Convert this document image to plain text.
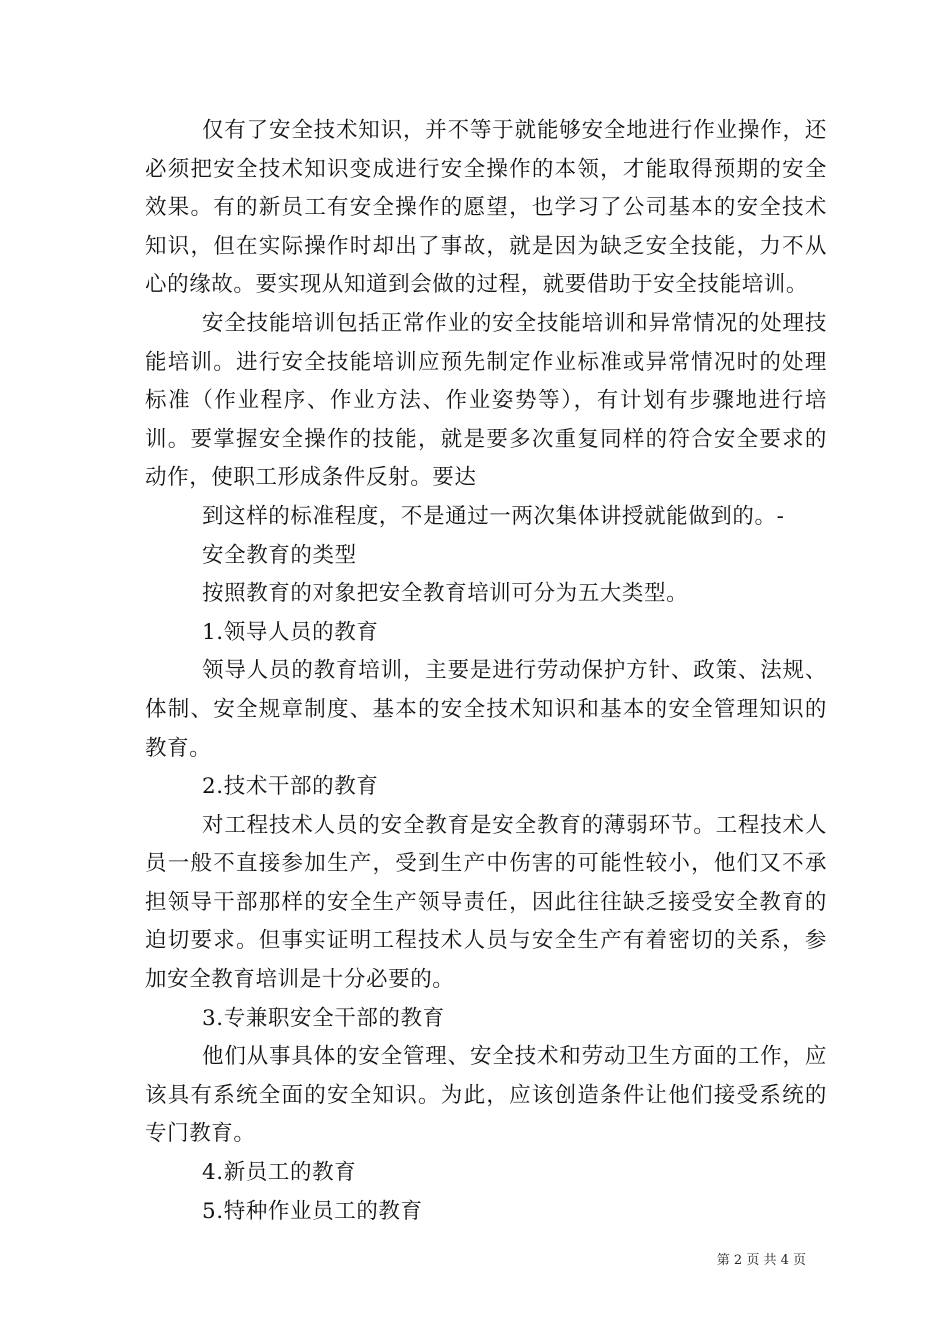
仅有了安全技术知识，并不等于就能够安全地进行作业操作，还必须把安全技术知识变成进行安全操作的本领，才能取得预期的安全效果。有的新员工有安全操作的愿望，也学习了公司基本的安全技术知识，但在实际操作时却出了事故，就是因为缺乏安全技能，力不从心的缘故。要实现从知道到会做的过程，就要借助于安全技能培训。

安全技能培训包括正常作业的安全技能培训和异常情况的处理技能培训。进行安全技能培训应预先制定作业标准或异常情况时的处理标准（作业程序、作业方法、作业姿势等），有计划有步骤地进行培训。要掌握安全操作的技能，就是要多次重复同样的符合安全要求的动作，使职工形成条件反射。要达

到这样的标准程度，不是通过一两次集体讲授就能做到的。-

安全教育的类型

按照教育的对象把安全教育培训可分为五大类型。

1.领导人员的教育

领导人员的教育培训，主要是进行劳动保护方针、政策、法规、体制、安全规章制度、基本的安全技术知识和基本的安全管理知识的教育。

2.技术干部的教育

对工程技术人员的安全教育是安全教育的薄弱环节。工程技术人员一般不直接参加生产，受到生产中伤害的可能性较小，他们又不承担领导干部那样的安全生产领导责任，因此往往缺乏接受安全教育的迫切要求。但事实证明工程技术人员与安全生产有着密切的关系，参加安全教育培训是十分必要的。

3.专兼职安全干部的教育

他们从事具体的安全管理、安全技术和劳动卫生方面的工作，应该具有系统全面的安全知识。为此，应该创造条件让他们接受系统的专门教育。

4.新员工的教育

5.特种作业员工的教育

第 2 页 共 4 页
